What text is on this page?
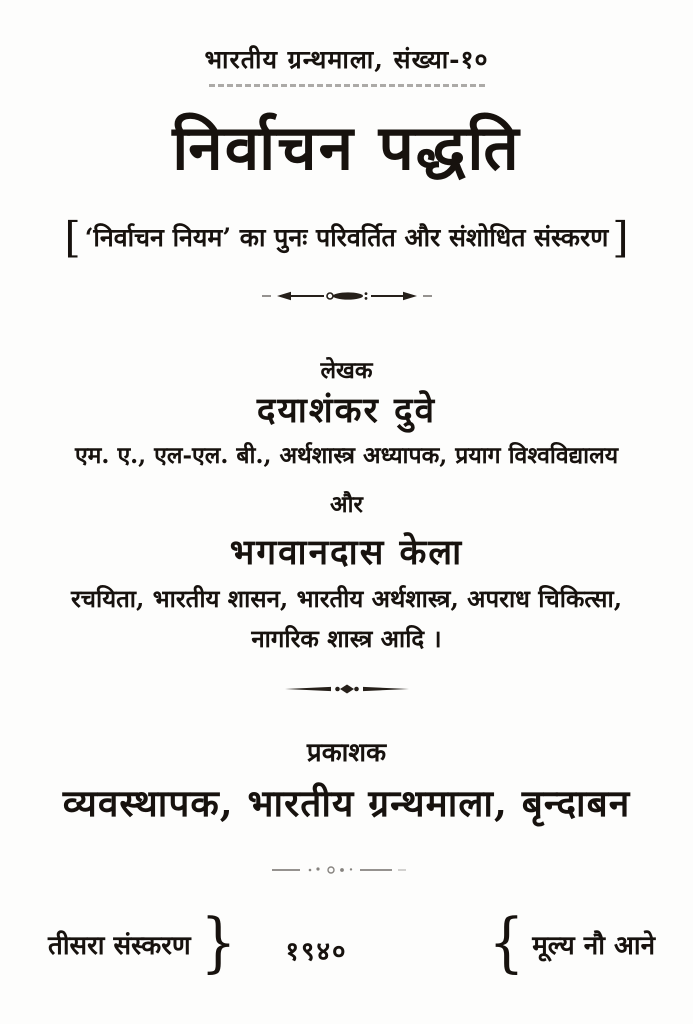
भारतीय ग्रन्थमाला, संख्या-१०
निर्वाचन पद्धति
[ ‘निर्वाचन नियम’ का पुनः परिवर्तित और संशोधित संस्करण]
लेखक
दयाशंकर दुवे
एम. ए., एल-एल. बी., अर्थशास्त्र अध्यापक, प्रयाग विश्वविद्यालय
और
भगवानदास केला
रचयिता, भारतीय शासन, भारतीय अर्थशास्त्र, अपराध चिकित्सा,
नागरिक शास्त्र आदि ।
प्रकाशक
व्यवस्थापक, भारतीय ग्रन्थमाला, बृन्दाबन
तीसरा संस्करण }	१९४०	{ मूल्य नौ आने
